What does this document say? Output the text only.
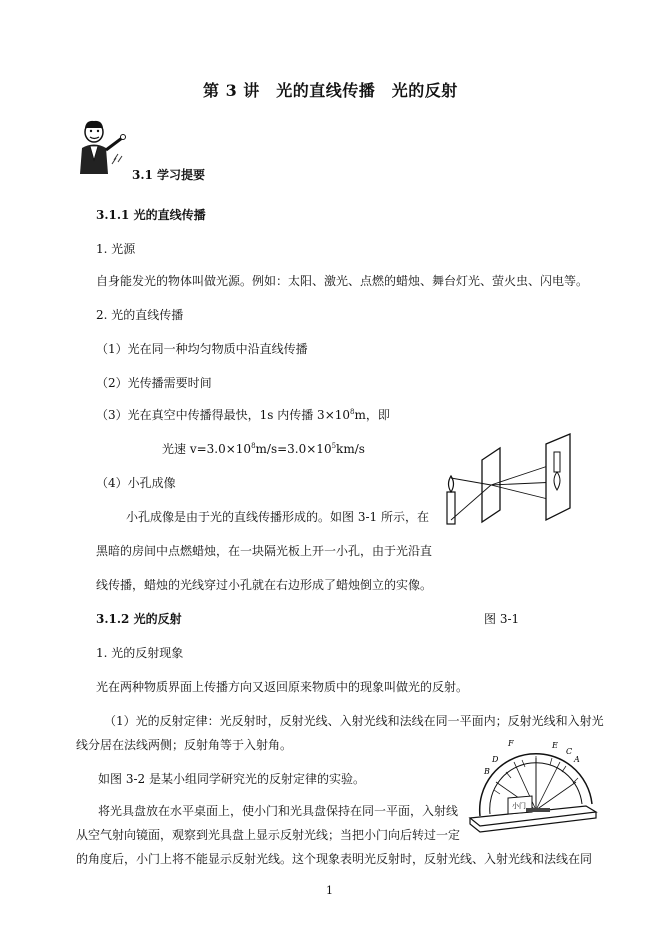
第 3 讲　光的直线传播　光的反射
3.1 学习提要
3.1.1 光的直线传播
1. 光源
自身能发光的物体叫做光源。例如：太阳、激光、点燃的蜡烛、舞台灯光、萤火虫、闪电等。
2. 光的直线传播
（1）光在同一种均匀物质中沿直线传播
（2）光传播需要时间
（3）光在真空中传播得最快，1s 内传播 $3\times 10^8m$，即
光速 $v=3.0\times 10^8m/s=3.0\times 10^5km/s$
（4）小孔成像
小孔成像是由于光的直线传播形成的。如图 3-1 所示，在
黑暗的房间中点燃蜡烛，在一块隔光板上开一小孔，由于光沿直
线传播，蜡烛的光线穿过小孔就在右边形成了蜡烛倒立的实像。
3.1.2 光的反射	图 3-1
1. 光的反射现象
光在两种物质界面上传播方向又返回原来物质中的现象叫做光的反射。
（1）光的反射定律：光反射时，反射光线、入射光线和法线在同一平面内；反射光线和入射光
线分居在法线两侧；反射角等于入射角。
如图 3-2 是某小组同学研究光的反射定律的实验。
A
B
C
D
E
F
小门
将光具盘放在水平桌面上，使小门和光具盘保持在同一平面，入射线
从空气射向镜面，观察到光具盘上显示反射光线；当把小门向后转过一定
的角度后，小门上将不能显示反射光线。这个现象表明光反射时，反射光线、入射光线和法线在同
1
